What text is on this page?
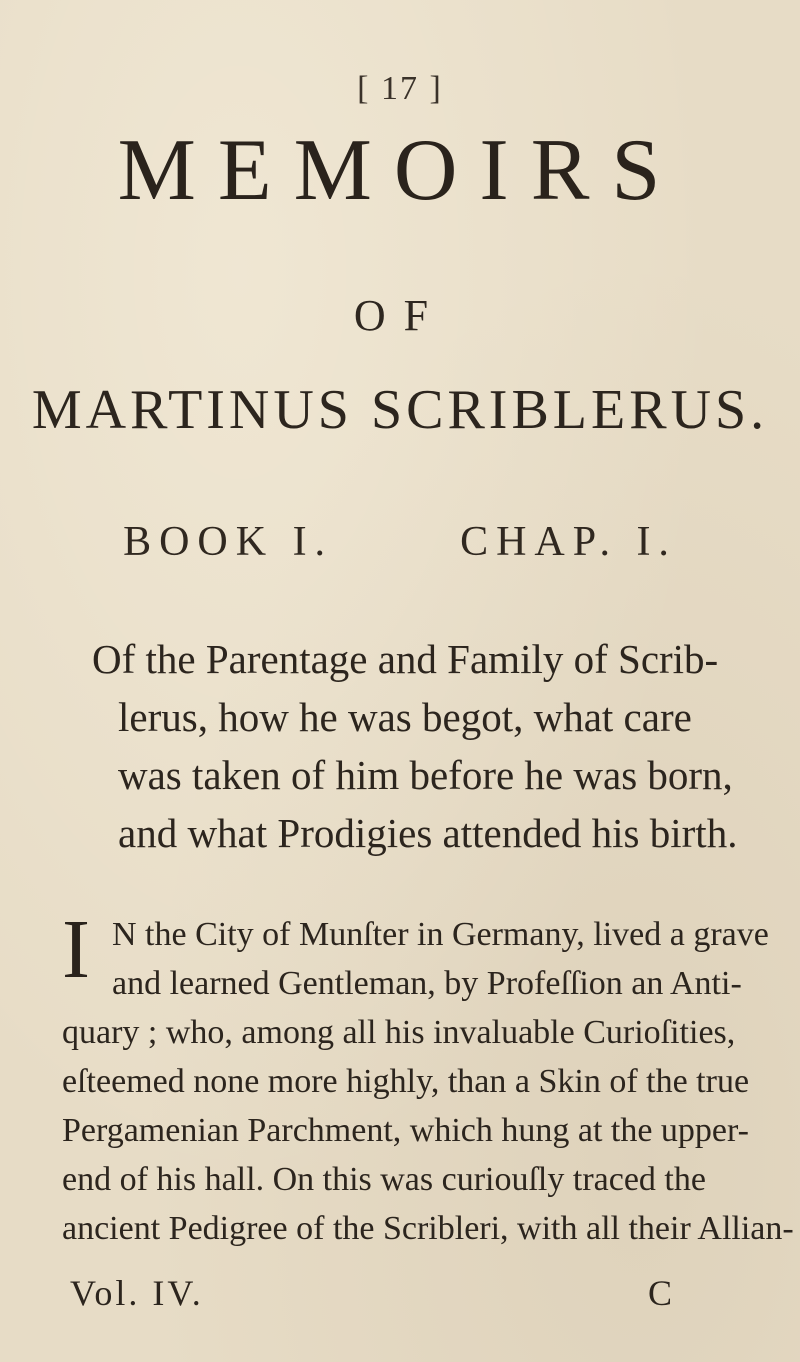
[ 17 ]
MEMOIRS
OF
MARTINUS SCRIBLERUS.
BOOK I.	CHAP. I.
Of the Parentage and Family of Scrib-
lerus, how he was begot, what care
was taken of him before he was born,
and what Prodigies attended his birth.
I N the City of Munſter in Germany, lived a grave
and learned Gentleman, by Profeſſion an Anti-
quary ; who, among all his invaluable Curioſities,
eſteemed none more highly, than a Skin of the true
Pergamenian Parchment, which hung at the upper-
end of his hall. On this was curiouſly traced the
ancient Pedigree of the Scribleri, with all their Allian-
Vol. IV.	C
